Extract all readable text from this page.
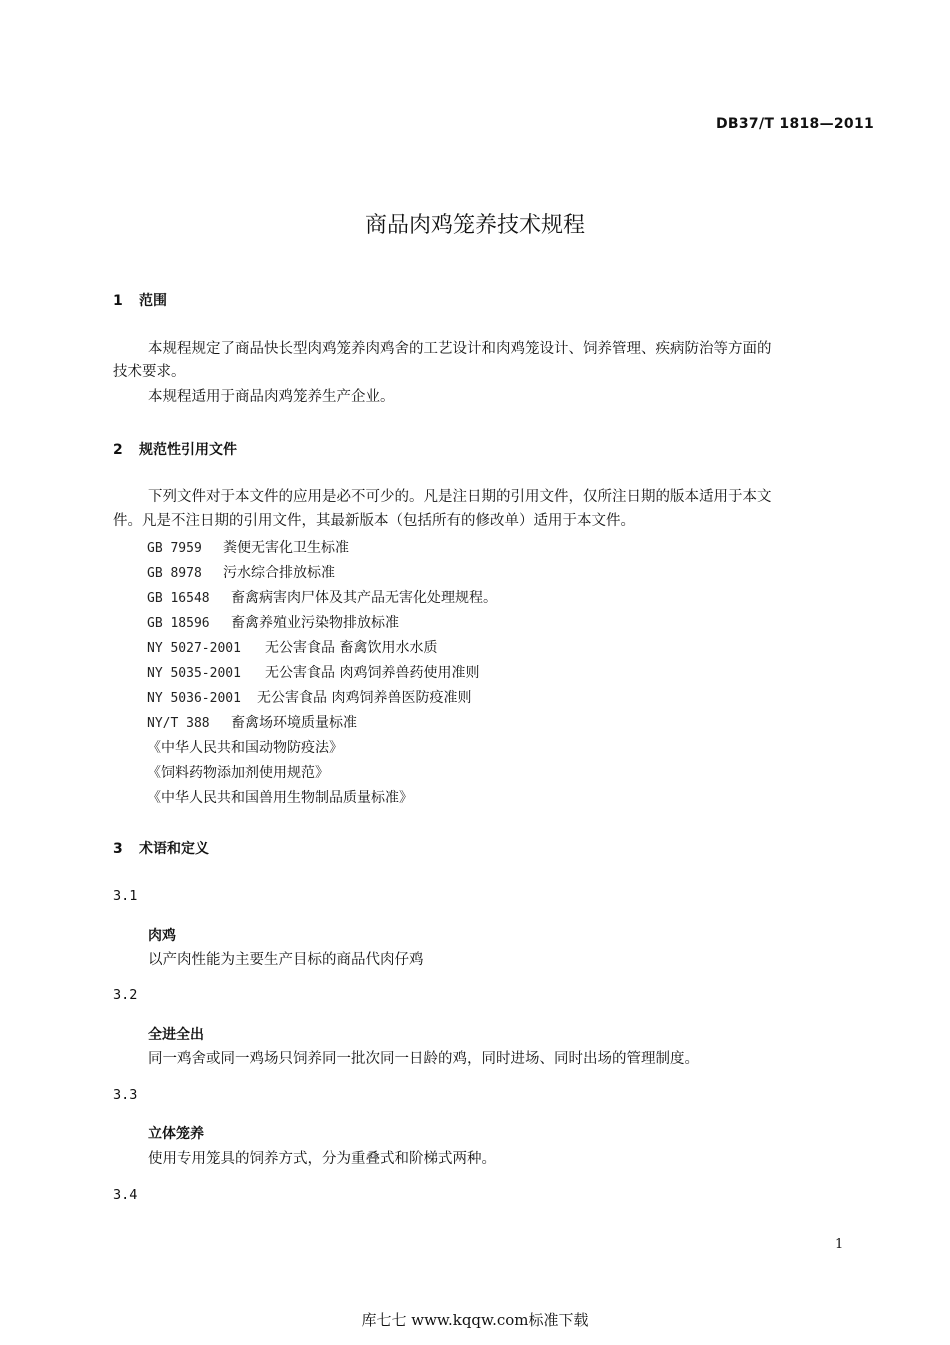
DB37/T 1818—2011
商品肉鸡笼养技术规程
1 范围
本规程规定了商品快长型肉鸡笼养肉鸡舍的工艺设计和肉鸡笼设计、饲养管理、疾病防治等方面的
技术要求。
本规程适用于商品肉鸡笼养生产企业。
2 规范性引用文件
下列文件对于本文件的应用是必不可少的。凡是注日期的引用文件，仅所注日期的版本适用于本文
件。凡是不注日期的引用文件，其最新版本（包括所有的修改单）适用于本文件。
GB 7959 粪便无害化卫生标准
GB 8978 污水综合排放标准
GB 16548 畜禽病害肉尸体及其产品无害化处理规程。
GB 18596 畜禽养殖业污染物排放标准
NY 5027-2001 无公害食品 畜禽饮用水水质
NY 5035-2001 无公害食品 肉鸡饲养兽药使用准则
NY 5036-2001 无公害食品 肉鸡饲养兽医防疫准则
NY/T 388 畜禽场环境质量标准
《中华人民共和国动物防疫法》
《饲料药物添加剂使用规范》
《中华人民共和国兽用生物制品质量标准》
3 术语和定义
3.1
肉鸡
以产肉性能为主要生产目标的商品代肉仔鸡
3.2
全进全出
同一鸡舍或同一鸡场只饲养同一批次同一日龄的鸡，同时进场、同时出场的管理制度。
3.3
立体笼养
使用专用笼具的饲养方式，分为重叠式和阶梯式两种。
3.4
1
库七七 www.kqqw.com标准下载
